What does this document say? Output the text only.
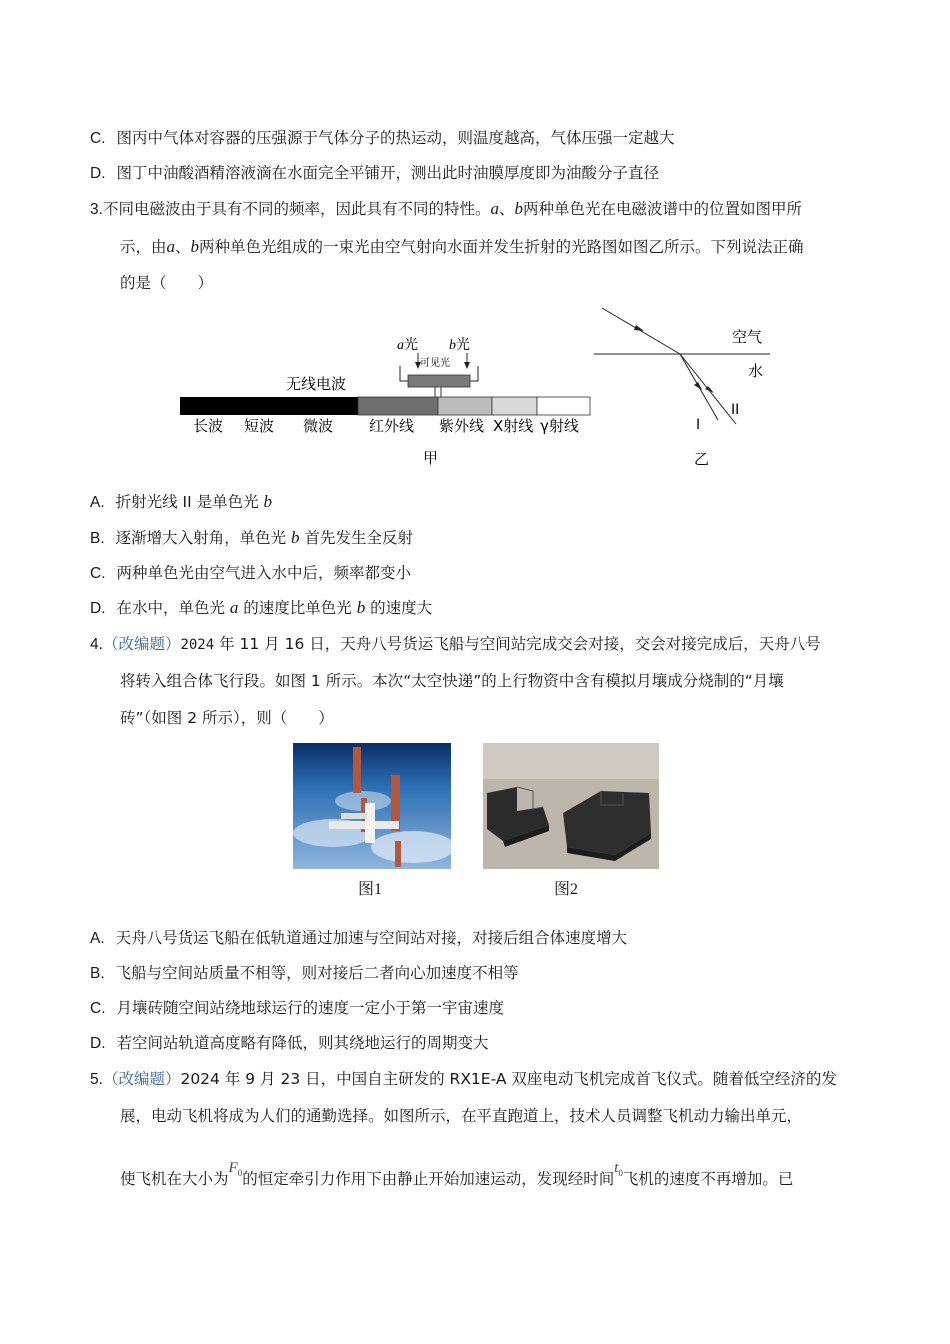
C. 图丙中气体对容器的压强源于气体分子的热运动，则温度越高，气体压强一定越大
D. 图丁中油酸酒精溶液滴在水面完全平铺开，测出此时油膜厚度即为油酸分子直径
3.不同电磁波由于具有不同的频率，因此具有不同的特性。a、b两种单色光在电磁波谱中的位置如图甲所
示，由a、b两种单色光组成的一束光由空气射向水面并发生折射的光路图如图乙所示。下列说法正确
的是（　　）
无线电波
a光 b光
可见光
长波 短波 微波 红外线 紫外线 X射线 γ射线
甲
空气
水
I
II
乙
A. 折射光线 II 是单色光 b
B. 逐渐增大入射角，单色光 b 首先发生全反射
C. 两种单色光由空气进入水中后，频率都变小
D. 在水中，单色光 a 的速度比单色光 b 的速度大
4.（改编题）2024 年 11 月 16 日，天舟八号货运飞船与空间站完成交会对接，交会对接完成后，天舟八号
将转入组合体飞行段。如图 1 所示。本次“太空快递”的上行物资中含有模拟月壤成分烧制的“月壤
砖”（如图 2 所示），则（　　）
图1	图2
A. 天舟八号货运飞船在低轨道通过加速与空间站对接，对接后组合体速度增大
B. 飞船与空间站质量不相等，则对接后二者向心加速度不相等
C. 月壤砖随空间站绕地球运行的速度一定小于第一宇宙速度
D. 若空间站轨道高度略有降低，则其绕地运行的周期变大
5.（改编题）2024 年 9 月 23 日，中国自主研发的 RX1E-A 双座电动飞机完成首飞仪式。随着低空经济的发
展，电动飞机将成为人们的通勤选择。如图所示，在平直跑道上，技术人员调整飞机动力输出单元，
使飞机在大小为$F_0$的恒定牵引力作用下由静止开始加速运动，发现经时间$t_0$飞机的速度不再增加。已
